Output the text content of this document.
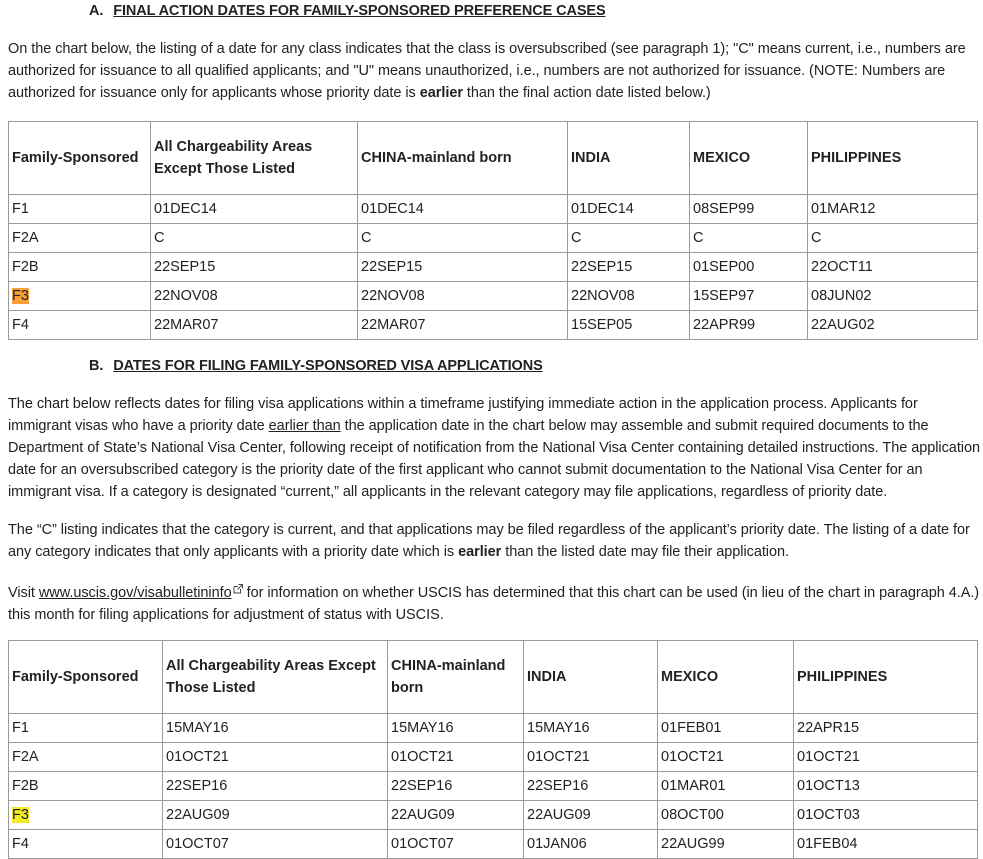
A. FINAL ACTION DATES FOR FAMILY-SPONSORED PREFERENCE CASES

On the chart below, the listing of a date for any class indicates that the class is oversubscribed (see paragraph 1); "C" means current, i.e., numbers are authorized for issuance to all qualified applicants; and "U" means unauthorized, i.e., numbers are not authorized for issuance. (NOTE: Numbers are authorized for issuance only for applicants whose priority date is earlier than the final action date listed below.)

Family-Sponsored	All Chargeability Areas Except Those Listed	CHINA-mainland born	INDIA	MEXICO	PHILIPPINES
F1	01DEC14	01DEC14	01DEC14	08SEP99	01MAR12
F2A	C	C	C	C	C
F2B	22SEP15	22SEP15	22SEP15	01SEP00	22OCT11
F3	22NOV08	22NOV08	22NOV08	15SEP97	08JUN02
F4	22MAR07	22MAR07	15SEP05	22APR99	22AUG02
B. DATES FOR FILING FAMILY-SPONSORED VISA APPLICATIONS

The chart below reflects dates for filing visa applications within a timeframe justifying immediate action in the application process. Applicants for immigrant visas who have a priority date earlier than the application date in the chart below may assemble and submit required documents to the Department of State’s National Visa Center, following receipt of notification from the National Visa Center containing detailed instructions. The application date for an oversubscribed category is the priority date of the first applicant who cannot submit documentation to the National Visa Center for an immigrant visa. If a category is designated “current,” all applicants in the relevant category may file applications, regardless of priority date.

The “C” listing indicates that the category is current, and that applications may be filed regardless of the applicant’s priority date. The listing of a date for any category indicates that only applicants with a priority date which is earlier than the listed date may file their application.

Visit www.uscis.gov/visabulletininfo for information on whether USCIS has determined that this chart can be used (in lieu of the chart in paragraph 4.A.) this month for filing applications for adjustment of status with USCIS.

Family-Sponsored	All Chargeability Areas Except Those Listed	CHINA-mainland born	INDIA	MEXICO	PHILIPPINES
F1	15MAY16	15MAY16	15MAY16	01FEB01	22APR15
F2A	01OCT21	01OCT21	01OCT21	01OCT21	01OCT21
F2B	22SEP16	22SEP16	22SEP16	01MAR01	01OCT13
F3	22AUG09	22AUG09	22AUG09	08OCT00	01OCT03
F4	01OCT07	01OCT07	01JAN06	22AUG99	01FEB04
